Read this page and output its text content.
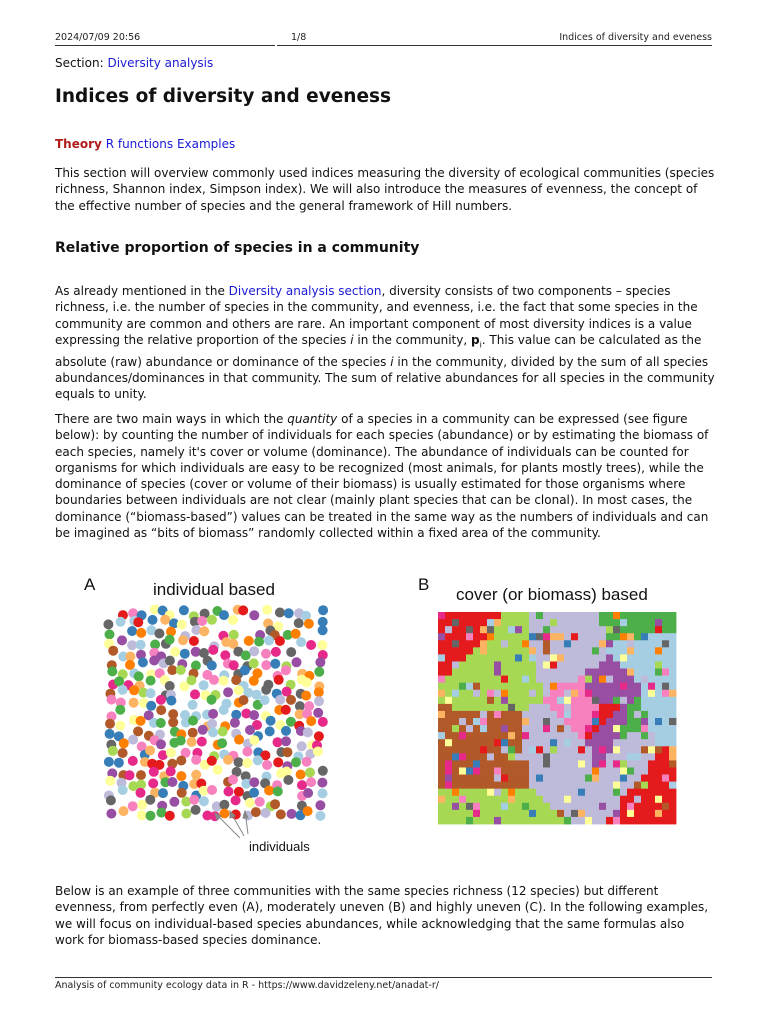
2024/07/09 20:56	1/8	Indices of diversity and eveness
Section: Diversity analysis
Indices of diversity and eveness
Theory R functions Examples

This section will overview commonly used indices measuring the diversity of ecological communities (species richness, Shannon index, Simpson index). We will also introduce the measures of evenness, the concept of the effective number of species and the general framework of Hill numbers.

Relative proportion of species in a community

As already mentioned in the Diversity analysis section, diversity consists of two components – species richness, i.e. the number of species in the community, and evenness, i.e. the fact that some species in the community are common and others are rare. An important component of most diversity indices is a value expressing the relative proportion of the species i in the community, $p_i$. This value can be calculated as the absolute (raw) abundance or dominance of the species i in the community, divided by the sum of all species abundances/dominances in that community. The sum of relative abundances for all species in the community equals to unity.

There are two main ways in which the quantity of a species in a community can be expressed (see figure below): by counting the number of individuals for each species (abundance) or by estimating the biomass of each species, namely it's cover or volume (dominance). The abundance of individuals can be counted for organisms for which individuals are easy to be recognized (most animals, for plants mostly trees), while the dominance of species (cover or volume of their biomass) is usually estimated for those organisms where boundaries between individuals are not clear (mainly plant species that can be clonal). In most cases, the dominance (“biomass-based”) values can be treated in the same way as the numbers of individuals and can be imagined as “bits of biomass” randomly collected within a fixed area of the community.

A	individual based	B
cover (or biomass) based
individuals

Below is an example of three communities with the same species richness (12 species) but different evenness, from perfectly even (A), moderately uneven (B) and highly uneven (C). In the following examples, we will focus on individual-based species abundances, while acknowledging that the same formulas also work for biomass-based species dominance.

Analysis of community ecology data in R - https://www.davidzeleny.net/anadat-r/
